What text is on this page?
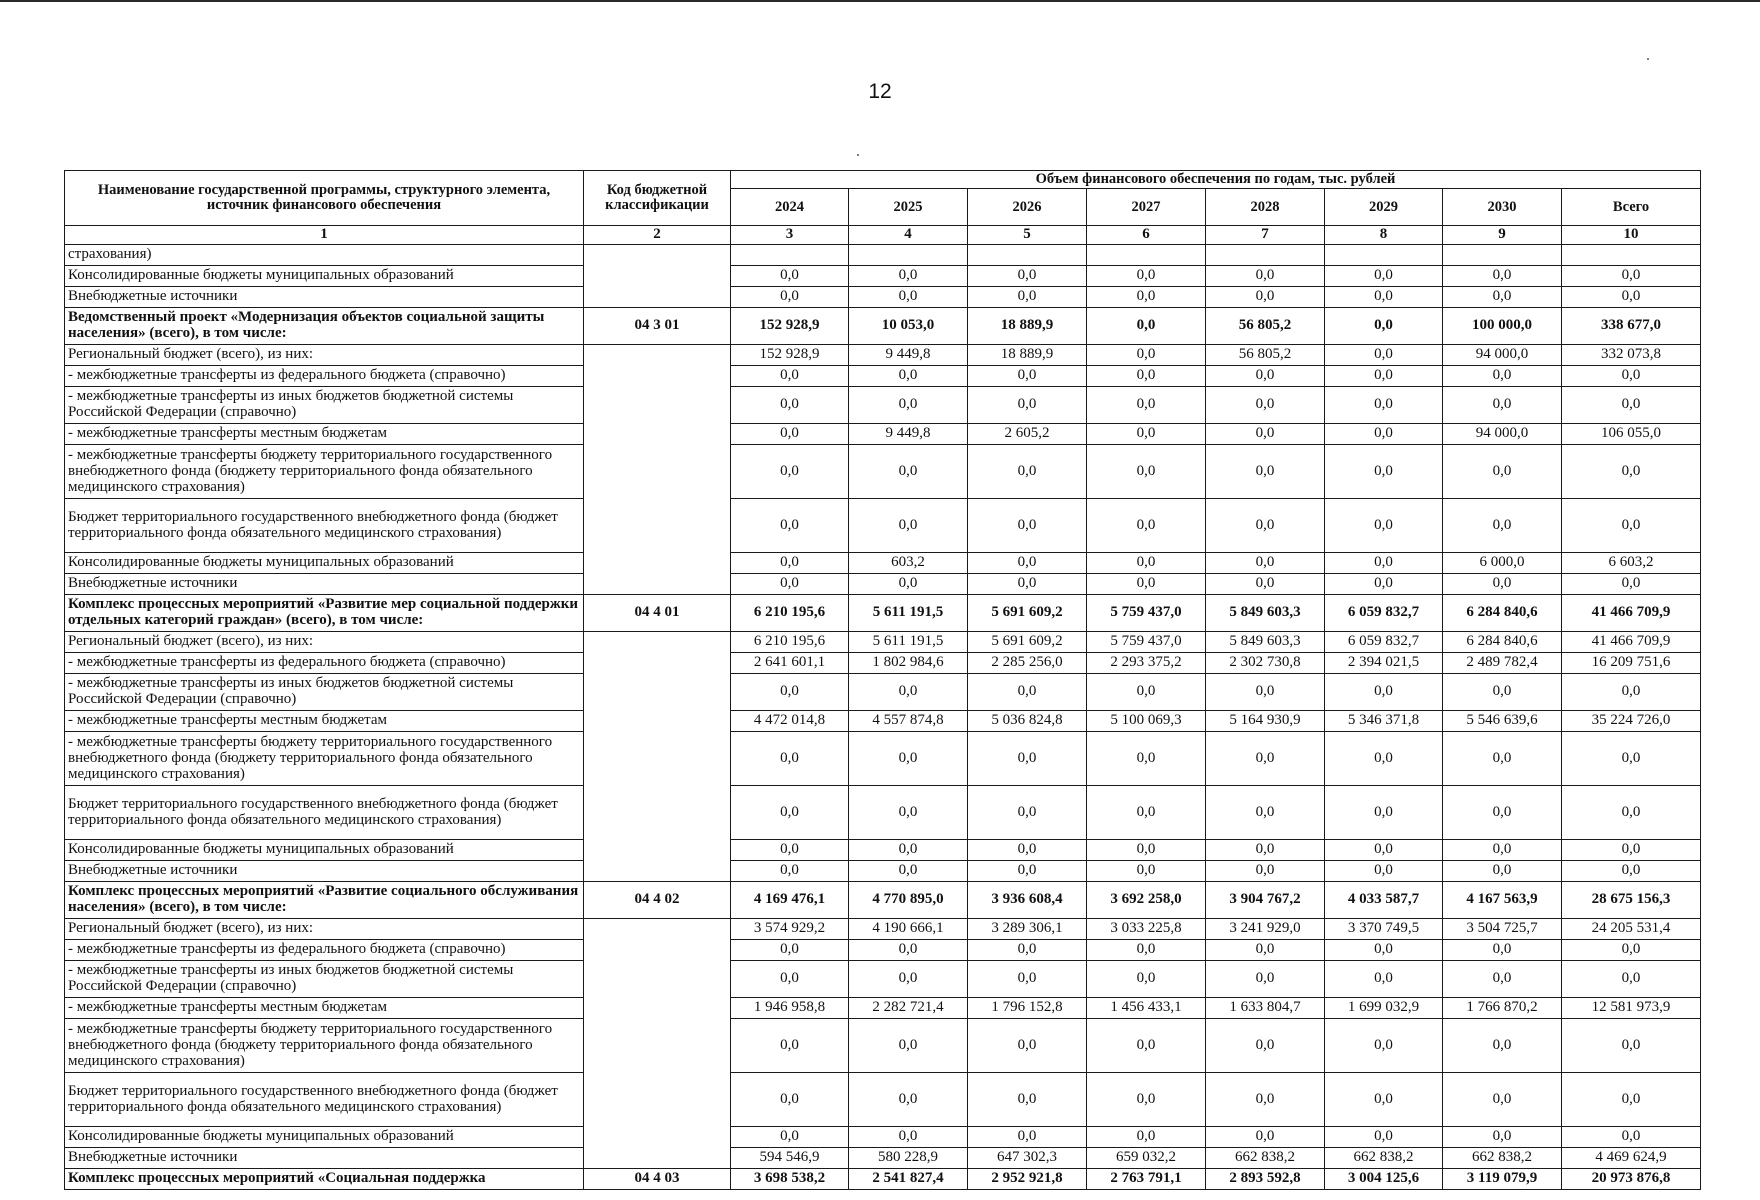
12
Наименование государственной программы, структурного элемента, источник финансового обеспечения	Код бюджетной классификации	Объем финансового обеспечения по годам, тыс. рублей							
		2024	2025	2026	2027	2028	2029	2030	Всего
1	2	3	4	5	6	7	8	9	10
страхования)									
Консолидированные бюджеты муниципальных образований		0,0	0,0	0,0	0,0	0,0	0,0	0,0	0,0
Внебюджетные источники		0,0	0,0	0,0	0,0	0,0	0,0	0,0	0,0
Ведомственный проект «Модернизация объектов социальной защиты населения» (всего), в том числе:	04 3 01	152 928,9	10 053,0	18 889,9	0,0	56 805,2	0,0	100 000,0	338 677,0
Региональный бюджет (всего), из них:		152 928,9	9 449,8	18 889,9	0,0	56 805,2	0,0	94 000,0	332 073,8
- межбюджетные трансферты из федерального бюджета (справочно)		0,0	0,0	0,0	0,0	0,0	0,0	0,0	0,0
- межбюджетные трансферты из иных бюджетов бюджетной системы Российской Федерации (справочно)		0,0	0,0	0,0	0,0	0,0	0,0	0,0	0,0
- межбюджетные трансферты местным бюджетам		0,0	9 449,8	2 605,2	0,0	0,0	0,0	94 000,0	106 055,0
- межбюджетные трансферты бюджету территориального государственного внебюджетного фонда (бюджету территориального фонда обязательного медицинского страхования)		0,0	0,0	0,0	0,0	0,0	0,0	0,0	0,0
Бюджет территориального государственного внебюджетного фонда (бюджет территориального фонда обязательного медицинского страхования)		0,0	0,0	0,0	0,0	0,0	0,0	0,0	0,0
Консолидированные бюджеты муниципальных образований		0,0	603,2	0,0	0,0	0,0	0,0	6 000,0	6 603,2
Внебюджетные источники		0,0	0,0	0,0	0,0	0,0	0,0	0,0	0,0
Комплекс процессных мероприятий «Развитие мер социальной поддержки отдельных категорий граждан» (всего), в том числе:	04 4 01	6 210 195,6	5 611 191,5	5 691 609,2	5 759 437,0	5 849 603,3	6 059 832,7	6 284 840,6	41 466 709,9
Региональный бюджет (всего), из них:		6 210 195,6	5 611 191,5	5 691 609,2	5 759 437,0	5 849 603,3	6 059 832,7	6 284 840,6	41 466 709,9
- межбюджетные трансферты из федерального бюджета (справочно)		2 641 601,1	1 802 984,6	2 285 256,0	2 293 375,2	2 302 730,8	2 394 021,5	2 489 782,4	16 209 751,6
- межбюджетные трансферты из иных бюджетов бюджетной системы Российской Федерации (справочно)		0,0	0,0	0,0	0,0	0,0	0,0	0,0	0,0
- межбюджетные трансферты местным бюджетам		4 472 014,8	4 557 874,8	5 036 824,8	5 100 069,3	5 164 930,9	5 346 371,8	5 546 639,6	35 224 726,0
- межбюджетные трансферты бюджету территориального государственного внебюджетного фонда (бюджету территориального фонда обязательного медицинского страхования)		0,0	0,0	0,0	0,0	0,0	0,0	0,0	0,0
Бюджет территориального государственного внебюджетного фонда (бюджет территориального фонда обязательного медицинского страхования)		0,0	0,0	0,0	0,0	0,0	0,0	0,0	0,0
Консолидированные бюджеты муниципальных образований		0,0	0,0	0,0	0,0	0,0	0,0	0,0	0,0
Внебюджетные источники		0,0	0,0	0,0	0,0	0,0	0,0	0,0	0,0
Комплекс процессных мероприятий «Развитие социального обслуживания населения» (всего), в том числе:	04 4 02	4 169 476,1	4 770 895,0	3 936 608,4	3 692 258,0	3 904 767,2	4 033 587,7	4 167 563,9	28 675 156,3
Региональный бюджет (всего), из них:		3 574 929,2	4 190 666,1	3 289 306,1	3 033 225,8	3 241 929,0	3 370 749,5	3 504 725,7	24 205 531,4
- межбюджетные трансферты из федерального бюджета (справочно)		0,0	0,0	0,0	0,0	0,0	0,0	0,0	0,0
- межбюджетные трансферты из иных бюджетов бюджетной системы Российской Федерации (справочно)		0,0	0,0	0,0	0,0	0,0	0,0	0,0	0,0
- межбюджетные трансферты местным бюджетам		1 946 958,8	2 282 721,4	1 796 152,8	1 456 433,1	1 633 804,7	1 699 032,9	1 766 870,2	12 581 973,9
- межбюджетные трансферты бюджету территориального государственного внебюджетного фонда (бюджету территориального фонда обязательного медицинского страхования)		0,0	0,0	0,0	0,0	0,0	0,0	0,0	0,0
Бюджет территориального государственного внебюджетного фонда (бюджет территориального фонда обязательного медицинского страхования)		0,0	0,0	0,0	0,0	0,0	0,0	0,0	0,0
Консолидированные бюджеты муниципальных образований		0,0	0,0	0,0	0,0	0,0	0,0	0,0	0,0
Внебюджетные источники		594 546,9	580 228,9	647 302,3	659 032,2	662 838,2	662 838,2	662 838,2	4 469 624,9
Комплекс процессных мероприятий «Социальная поддержка	04 4 03	3 698 538,2	2 541 827,4	2 952 921,8	2 763 791,1	2 893 592,8	3 004 125,6	3 119 079,9	20 973 876,8
